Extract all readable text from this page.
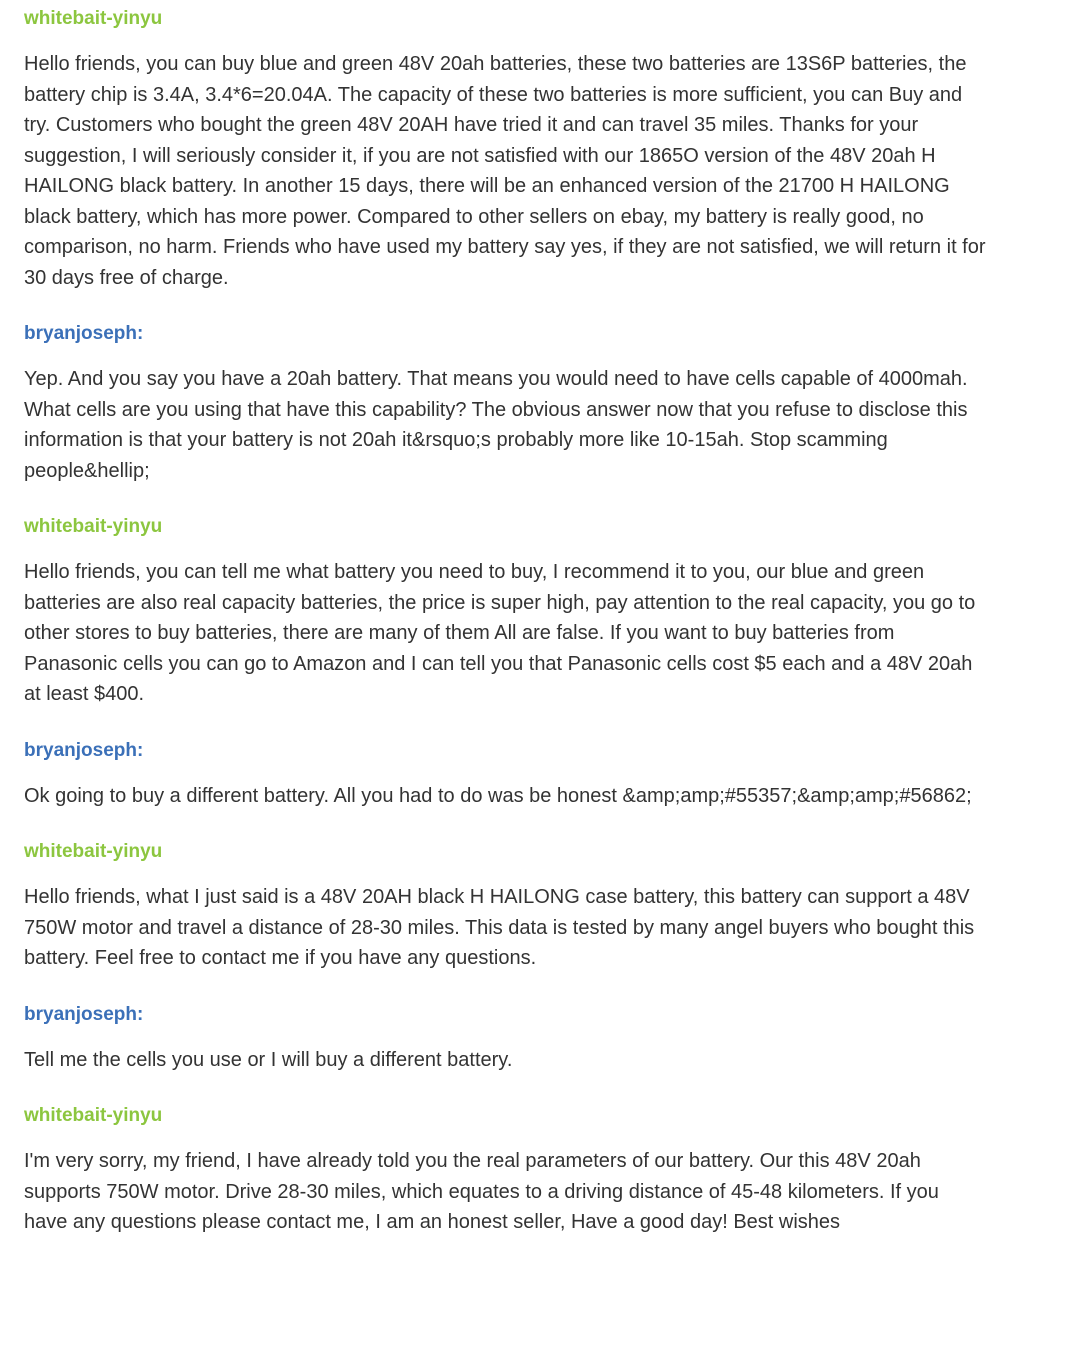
whitebait-yinyu

Hello friends, you can buy blue and green 48V 20ah batteries, these two batteries are 13S6P batteries, the battery chip is 3.4A, 3.4*6=20.04A. The capacity of these two batteries is more sufficient, you can Buy and try. Customers who bought the green 48V 20AH have tried it and can travel 35 miles. Thanks for your suggestion, I will seriously consider it, if you are not satisfied with our 1865O version of the 48V 20ah H HAILONG black battery. In another 15 days, there will be an enhanced version of the 21700 H HAILONG black battery, which has more power. Compared to other sellers on ebay, my battery is really good, no comparison, no harm. Friends who have used my battery say yes, if they are not satisfied, we will return it for 30 days free of charge.

bryanjoseph:

Yep. And you say you have a 20ah battery. That means you would need to have cells capable of 4000mah. What cells are you using that have this capability? The obvious answer now that you refuse to disclose this information is that your battery is not 20ah it&rsquo;s probably more like 10-15ah. Stop scamming people&hellip;

whitebait-yinyu

Hello friends, you can tell me what battery you need to buy, I recommend it to you, our blue and green batteries are also real capacity batteries, the price is super high, pay attention to the real capacity, you go to other stores to buy batteries, there are many of them All are false. If you want to buy batteries from Panasonic cells you can go to Amazon and I can tell you that Panasonic cells cost $5 each and a 48V 20ah at least $400.

bryanjoseph:

Ok going to buy a different battery. All you had to do was be honest &amp;amp;#55357;&amp;amp;#56862;

whitebait-yinyu

Hello friends, what I just said is a 48V 20AH black H HAILONG case battery, this battery can support a 48V 750W motor and travel a distance of 28-30 miles. This data is tested by many angel buyers who bought this battery. Feel free to contact me if you have any questions.

bryanjoseph:

Tell me the cells you use or I will buy a different battery.

whitebait-yinyu

I'm very sorry, my friend, I have already told you the real parameters of our battery. Our this 48V 20ah supports 750W motor. Drive 28-30 miles, which equates to a driving distance of 45-48 kilometers. If you have any questions please contact me, I am an honest seller, Have a good day! Best wishes
